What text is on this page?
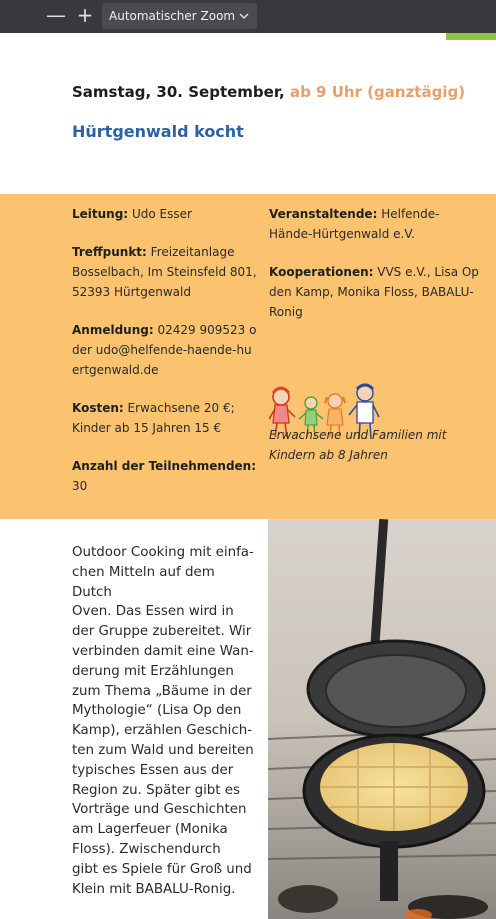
— +	Automatischer Zoom
Samstag, 30. September, ab 9 Uhr (ganztägig)
Hürtgenwald kocht
Leitung: Udo Esser
Treffpunkt: Freizeitanlage Bosselbach, Im Steinsfeld 801, 52393 Hürtgenwald
Anmeldung: 02429 909523 oder udo@helfende-haende-huertgenwald.de
Kosten: Erwachsene 20 €; Kinder ab 15 Jahren 15 €
Anzahl der Teilnehmenden:
30
Veranstaltende: Helfende-Hände-Hürtgenwald e.V.
Kooperationen: VVS e.V., Lisa Op den Kamp, Monika Floss, BABALU-Ronig
Erwachsene und Familien mit Kindern ab 8 Jahren
Outdoor Cooking mit einfa-
chen Mitteln auf dem Dutch
Oven. Das Essen wird in
der Gruppe zubereitet. Wir
verbinden damit eine Wan-
derung mit Erzählungen
zum Thema „Bäume in der
Mythologie“ (Lisa Op den
Kamp), erzählen Geschich-
ten zum Wald und bereiten
typisches Essen aus der
Region zu. Später gibt es
Vorträge und Geschichten
am Lagerfeuer (Monika
Floss). Zwischendurch
gibt es Spiele für Groß und
Klein mit BABALU-Ronig.
